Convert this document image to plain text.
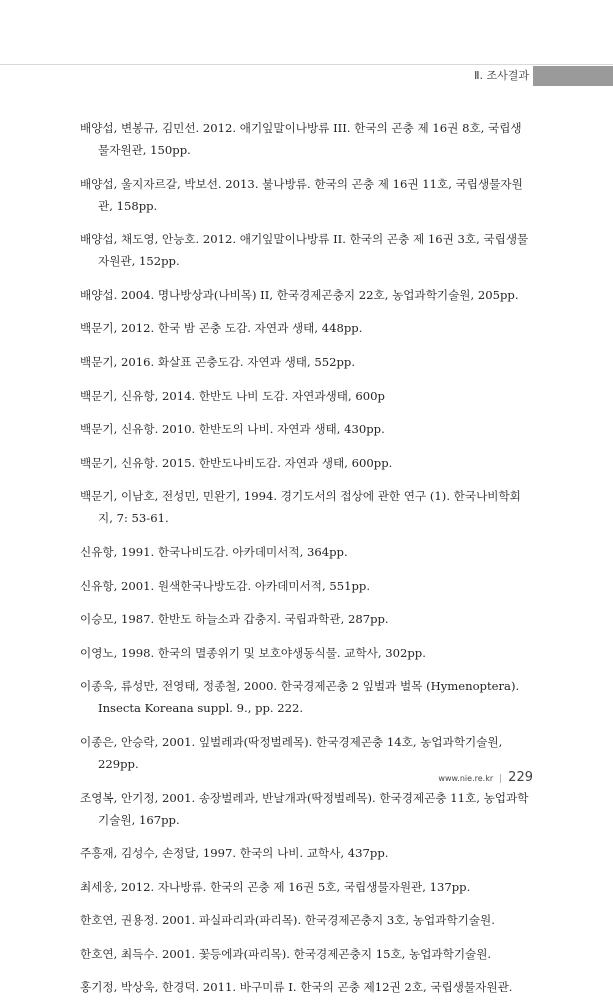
Ⅱ. 조사결과

배양섭, 변봉규, 김민선. 2012. 애기잎말이나방류 III. 한국의 곤충 제 16권 8호, 국립생물자원관, 150pp.

배양섭, 울지자르갈, 박보선. 2013. 불나방류. 한국의 곤충 제 16권 11호, 국립생물자원관, 158pp.

배양섭, 채도영, 안능호. 2012. 애기잎말이나방류 II. 한국의 곤충 제 16권 3호, 국립생물자원관, 152pp.

배양섭. 2004. 명나방상과(나비목) II, 한국경제곤충지 22호, 농업과학기술원, 205pp.

백문기, 2012. 한국 밤 곤충 도감. 자연과 생태, 448pp.

백문기, 2016. 화살표 곤충도감. 자연과 생태, 552pp.

백문기, 신유항, 2014. 한반도 나비 도감. 자연과생태, 600p

백문기, 신유항. 2010. 한반도의 나비. 자연과 생태, 430pp.

백문기, 신유항. 2015. 한반도나비도감. 자연과 생태, 600pp.

백문기, 이남호, 전성민, 민완기, 1994. 경기도서의 접상에 관한 연구 (1). 한국나비학회지, 7: 53-61.

신유항, 1991. 한국나비도감. 아카데미서적, 364pp.

신유항, 2001. 원색한국나방도감. 아카데미서적, 551pp.

이승모, 1987. 한반도 하늘소과 갑충지. 국립과학관, 287pp.

이영노, 1998. 한국의 멸종위기 및 보호야생동식물. 교학사, 302pp.

이종욱, 류성만, 전영태, 정종철, 2000. 한국경제곤충 2 잎벌과 벌목 (Hymenoptera). Insecta Koreana suppl. 9., pp. 222.

이종은, 안승락, 2001. 잎벌레과(딱정벌레목). 한국경제곤충 14호, 농업과학기술원, 229pp.

조영복, 안기정, 2001. 송장벌레과, 반날개과(딱정벌레목). 한국경제곤충 11호, 농업과학기술원, 167pp.

주흥재, 김성수, 손정달, 1997. 한국의 나비. 교학사, 437pp.

최세웅, 2012. 자나방류. 한국의 곤충 제 16권 5호, 국립생물자원관, 137pp.

한호연, 권용정. 2001. 파실파리과(파리목). 한국경제곤충지 3호, 농업과학기술원.

한호연, 최득수. 2001. 꽃등에과(파리목). 한국경제곤충지 15호, 농업과학기술원.

홍기정, 박상욱, 한경덕. 2011. 바구미류 I. 한국의 곤충 제12권 2호, 국립생물자원관.

www.nie.re.kr | 229
